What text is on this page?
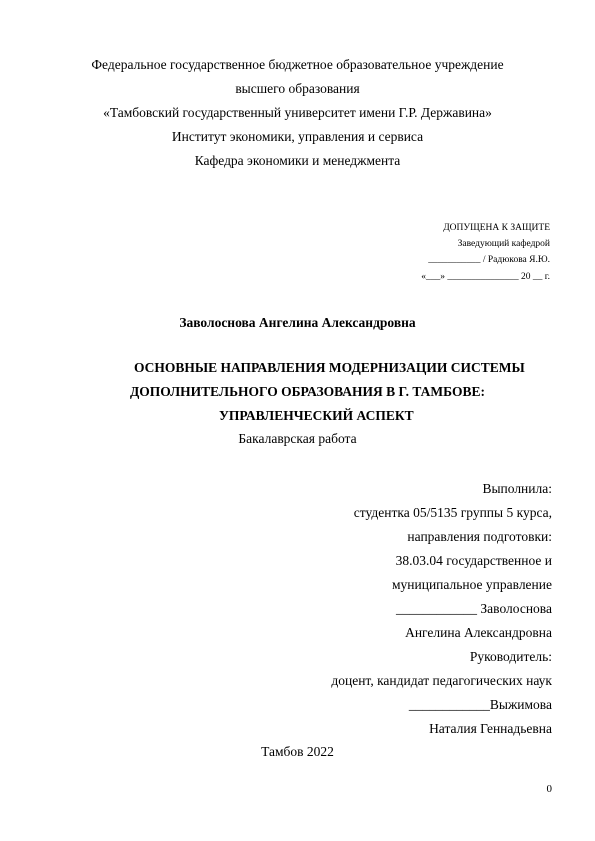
Федеральное государственное бюджетное образовательное учреждение
высшего образования
«Тамбовский государственный университет имени Г.Р. Державина»
Институт экономики, управления и сервиса
Кафедра экономики и менеджмента
ДОПУЩЕНА К ЗАЩИТЕ
Заведующий кафедрой
___________ / Радюкова Я.Ю.
«___» _______________ 20 __ г.
Заволоснова Ангелина Александровна
ОСНОВНЫЕ НАПРАВЛЕНИЯ МОДЕРНИЗАЦИИ СИСТЕМЫ
ДОПОЛНИТЕЛЬНОГО ОБРАЗОВАНИЯ В Г. ТАМБОВЕ:
УПРАВЛЕНЧЕСКИЙ АСПЕКТ
Бакалаврская работа
Выполнила:
студентка 05/5135 группы 5 курса,
направления подготовки:
38.03.04 государственное и
муниципальное управление
____________ Заволоснова
Ангелина Александровна
Руководитель:
доцент, кандидат педагогических наук
____________Выжимова
Наталия Геннадьевна
Тамбов 2022
0
